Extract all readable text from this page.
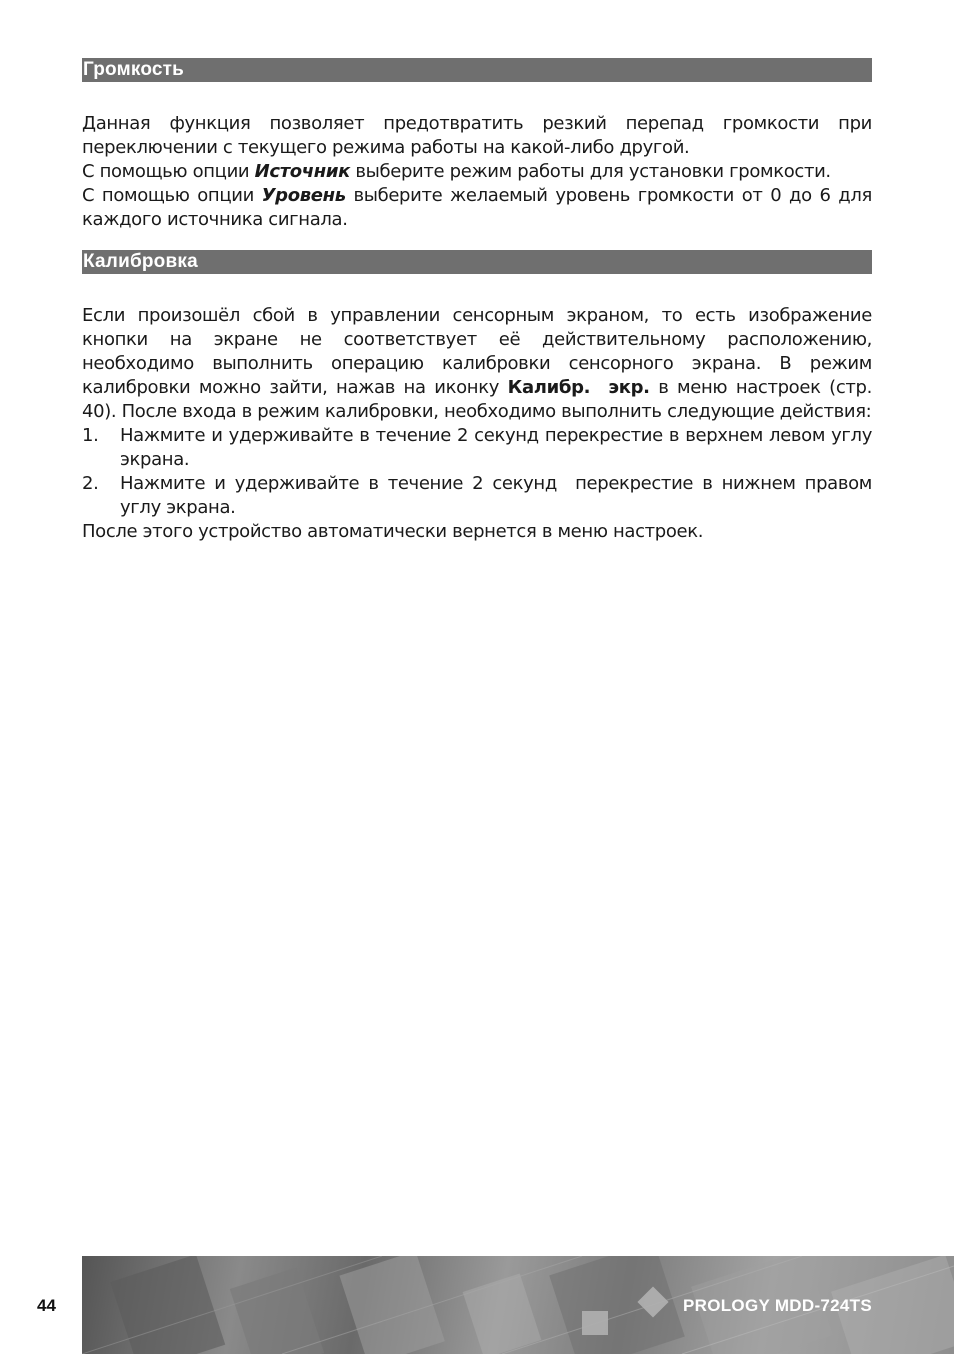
Громкость

Данная функция позволяет предотвратить резкий перепад громкости при переключении с текущего режима работы на какой-либо другой.

С помощью опции Источник выберите режим работы для установки громкости.

С помощью опции Уровень выберите желаемый уровень громкости от 0 до 6 для каждого источника сигнала.

Калибровка

Если произошёл сбой в управлении сенсорным экраном, то есть изображение кнопки на экране не соответствует её действительному расположению, необходимо выполнить операцию калибровки сенсорного экрана. В режим калибровки можно зайти, нажав на иконку Калибр.  экр. в меню настроек (стр. 40). После входа в режим калибровки, необходимо выполнить следующие действия:

1. Нажмите и удерживайте в течение 2 секунд перекрестие в верхнем левом углу экрана.
2. Нажмите и удерживайте в течение 2 секунд  перекрестие в нижнем правом углу экрана.

После этого устройство автоматически вернется в меню настроек.

44	PROLOGY MDD-724TS
